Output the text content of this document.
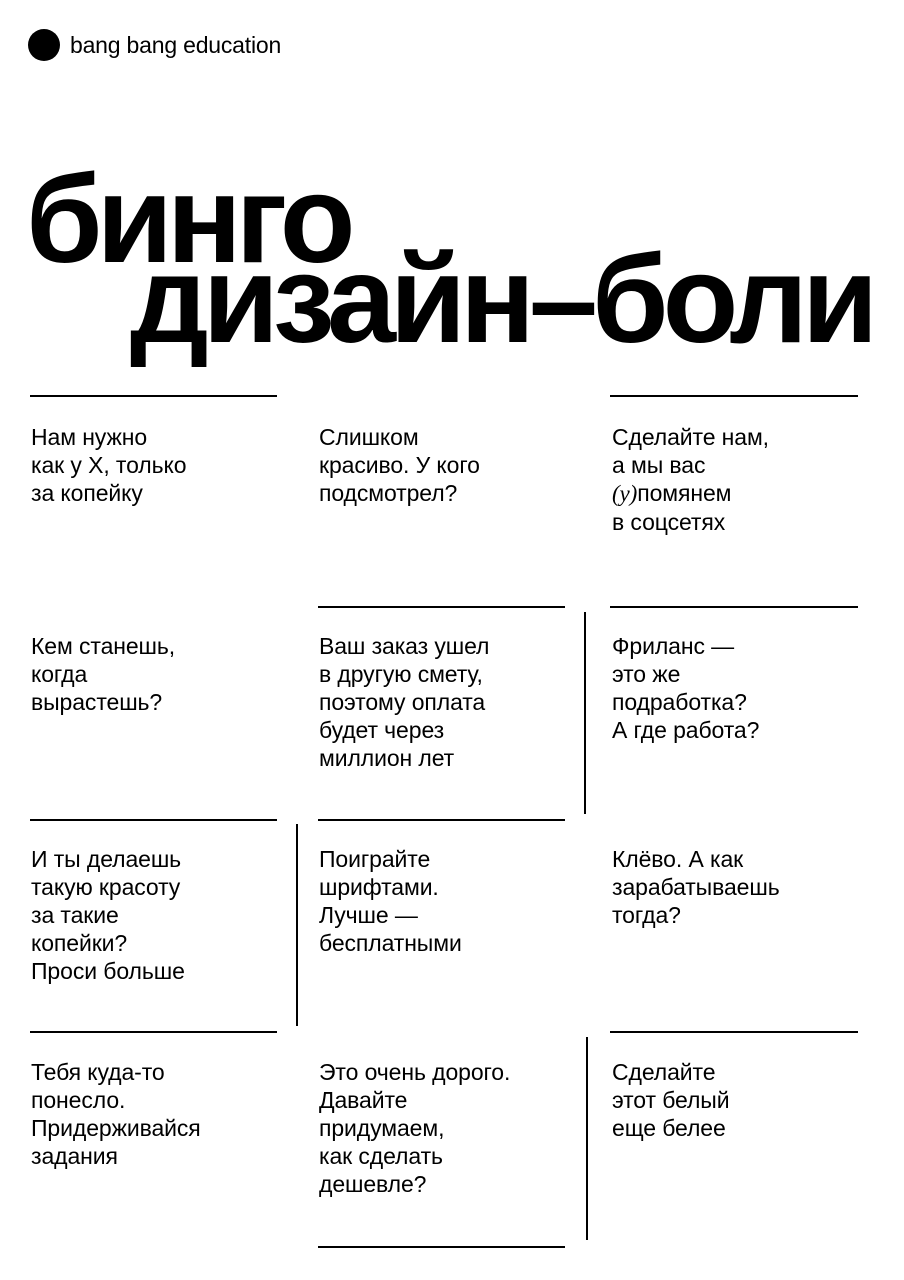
bang bang education
бинго
дизайн–боли
Нам нужно
как у Х, только
за копейку
Слишком
красиво. У кого
подсмотрел?
Сделайте нам,
а мы вас
(у)помянем
в соцсетях
Кем станешь,
когда
вырастешь?
Ваш заказ ушел
в другую смету,
поэтому оплата
будет через
миллион лет
Фриланс —
это же
подработка?
А где работа?
И ты делаешь
такую красоту
за такие
копейки?
Проси больше
Поиграйте
шрифтами.
Лучше —
бесплатными
Клёво. А как
зарабатываешь
тогда?
Тебя куда-то
понесло.
Придерживайся
задания
Это очень дорого.
Давайте
придумаем,
как сделать
дешевле?
Сделайте
этот белый
еще белее
